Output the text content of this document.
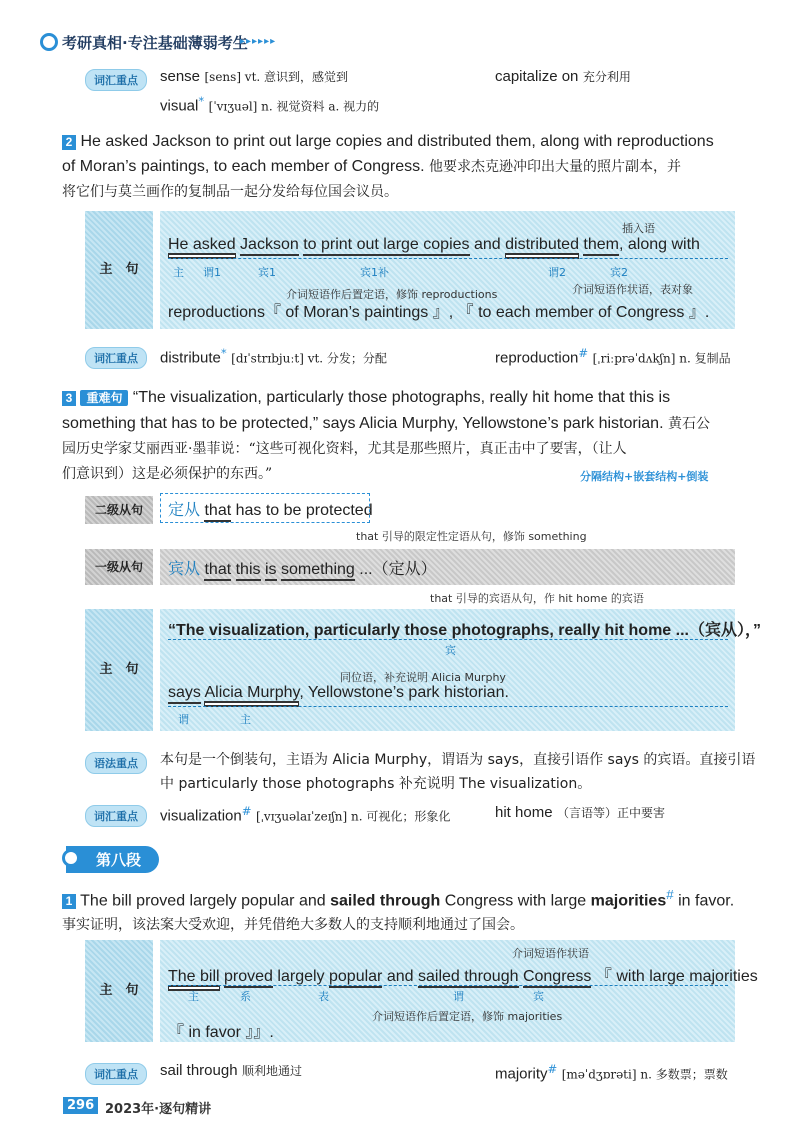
考研真相·专注基础薄弱考生
▸▸▸▸▸▸
词汇重点	sense [sens] vt. 意识到，感觉到	capitalize on 充分利用
visual* [ˈvɪʒuəl] n. 视觉资料 a. 视力的
2 He asked Jackson to print out large copies and distributed them, along with reproductions
of Moran’s paintings, to each member of Congress. 他要求杰克逊冲印出大量的照片副本，并
将它们与莫兰画作的复制品一起分发给每位国会议员。
主　句
插入语
He asked Jackson to print out large copies and distributed them, along with
主 谓1	宾1	宾1补	谓2	宾2
介词短语作后置定语，修饰 reproductions	介词短语作状语，表对象
reproductions『 of Moran’s paintings 』, 『 to each member of Congress 』.
词汇重点	distribute* [dɪˈstrɪbjuːt] vt. 分发；分配	reproduction# [ˌriːprəˈdʌkʃn] n. 复制品
3 重难句 “The visualization, particularly those photographs, really hit home that this is
something that has to be protected,” says Alicia Murphy, Yellowstone’s park historian. 黄石公
园历史学家艾丽西亚·墨菲说：“这些可视化资料，尤其是那些照片，真正击中了要害，（让人
们意识到）这是必须保护的东西。”	分隔结构+嵌套结构+倒装
二级从句	定从 that has to be protected
that 引导的限定性定语从句，修饰 something
一级从句	宾从 that this is something ...（定从）
that 引导的宾语从句，作 hit home 的宾语
主　句
“The visualization, particularly those photographs, really hit home ...（宾从），”
宾
同位语，补充说明 Alicia Murphy
says Alicia Murphy, Yellowstone’s park historian.
谓	主
语法重点	本句是一个倒装句，主语为 Alicia Murphy，谓语为 says，直接引语作 says 的宾语。直接引语
中 particularly those photographs 补充说明 The visualization。
词汇重点	visualization# [ˌvɪʒuəlaɪˈzeɪʃn] n. 可视化；形象化	hit home （言语等）正中要害
第八段
1 The bill proved largely popular and sailed through Congress with large majorities# in favor.
事实证明，该法案大受欢迎，并凭借绝大多数人的支持顺利地通过了国会。
主　句
介词短语作状语
The bill proved largely popular and sailed through Congress 『 with large majorities
主	系	表	谓	宾
介词短语作后置定语，修饰 majorities
『 in favor 』』.
词汇重点	sail through 顺利地通过	majority# [məˈdʒɒrəti] n. 多数票；票数
296 2023年·逐句精讲
